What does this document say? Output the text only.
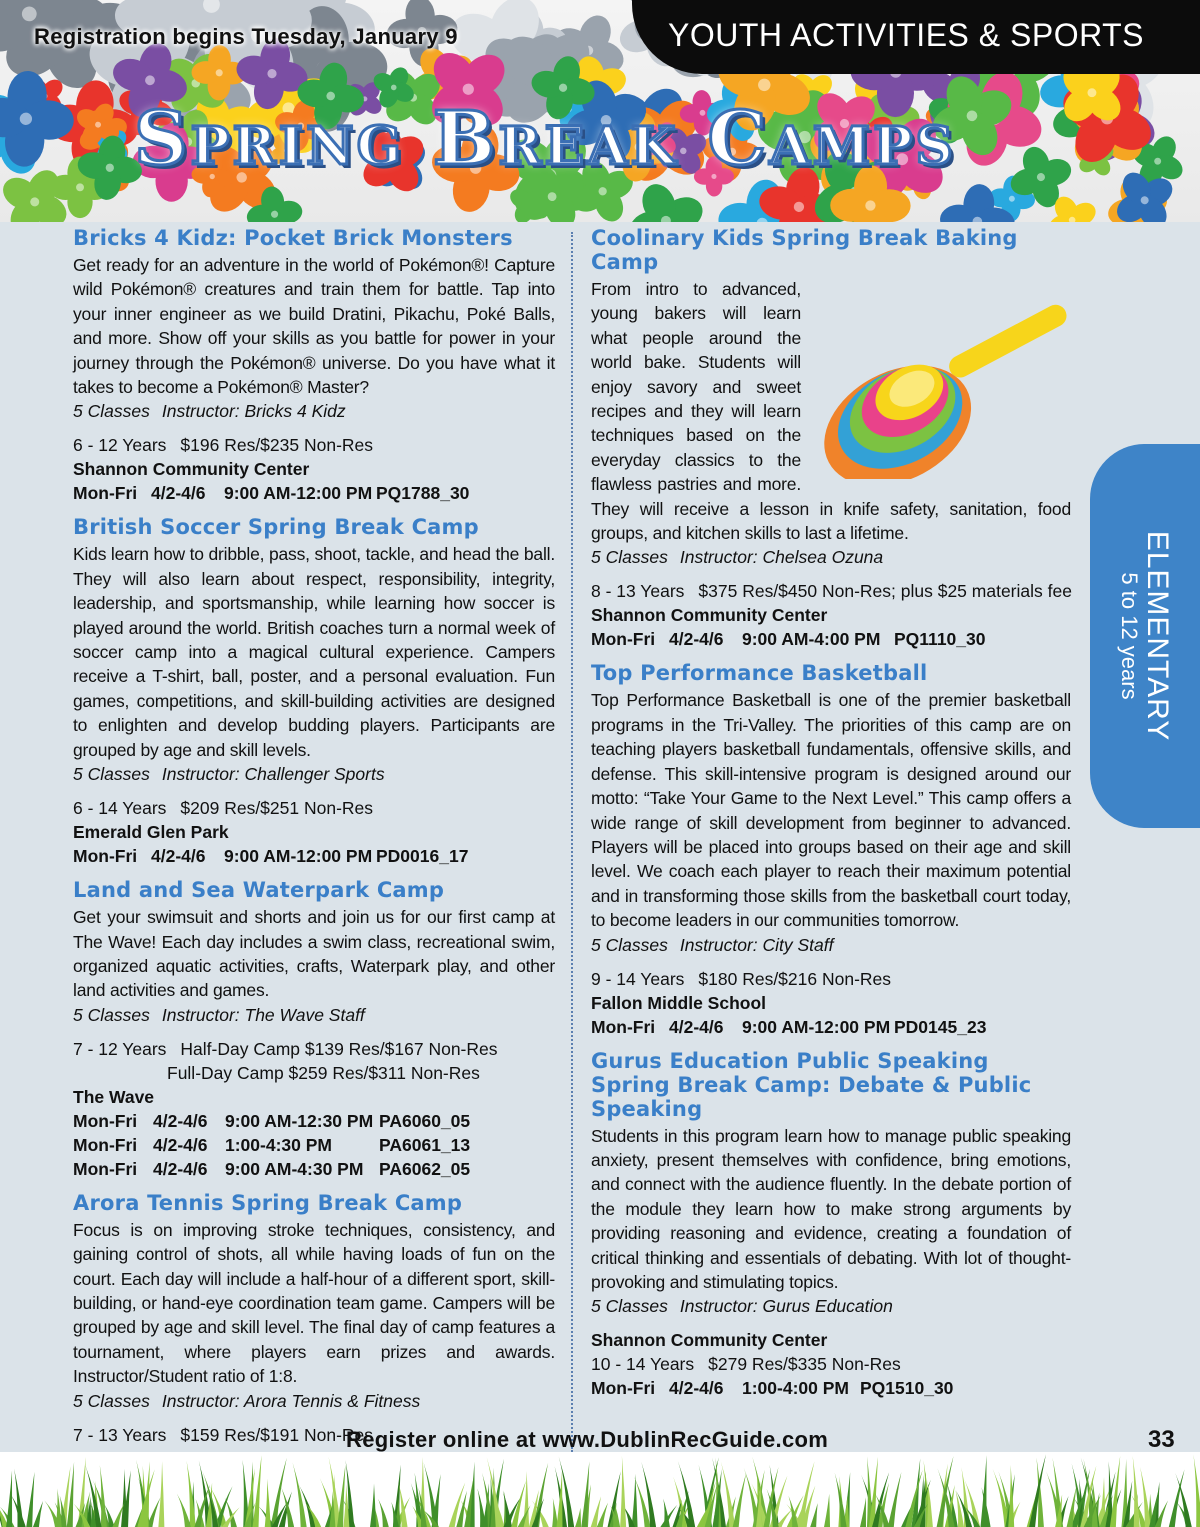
Registration begins Tuesday, January 9	YOUTH ACTIVITIES & SPORTS
Spring Break Camps
Bricks 4 Kidz: Pocket Brick Monsters
Get ready for an adventure in the world of Pokémon®! Capture wild Pokémon® creatures and train them for battle. Tap into your inner engineer as we build Dratini, Pikachu, Poké Balls, and more. Show off your skills as you battle for power in your journey through the Pokémon® universe. Do you have what it takes to become a Pokémon® Master?
5 Classes Instructor: Bricks 4 Kidz
6 - 12 Years $196 Res/$235 Non-Res
Shannon Community Center
Mon-Fri 4/2-4/6 9:00 AM-12:00 PM PQ1788_30
British Soccer Spring Break Camp
Kids learn how to dribble, pass, shoot, tackle, and head the ball. They will also learn about respect, responsibility, integrity, leadership, and sportsmanship, while learning how soccer is played around the world. British coaches turn a normal week of soccer camp into a magical cultural experience. Campers receive a T-shirt, ball, poster, and a personal evaluation. Fun games, competitions, and skill-building activities are designed to enlighten and develop budding players. Participants are grouped by age and skill levels.
5 Classes Instructor: Challenger Sports
6 - 14 Years $209 Res/$251 Non-Res
Emerald Glen Park
Mon-Fri 4/2-4/6 9:00 AM-12:00 PM PD0016_17
Land and Sea Waterpark Camp
Get your swimsuit and shorts and join us for our first camp at The Wave! Each day includes a swim class, recreational swim, organized aquatic activities, crafts, Waterpark play, and other land activities and games.
5 Classes Instructor: The Wave Staff
7 - 12 Years Half-Day Camp $139 Res/$167 Non-Res
Full-Day Camp $259 Res/$311 Non-Res
The Wave
Mon-Fri 4/2-4/6 9:00 AM-12:30 PM PA6060_05
Mon-Fri 4/2-4/6 1:00-4:30 PM	PA6061_13
Mon-Fri 4/2-4/6 9:00 AM-4:30 PM PA6062_05
Arora Tennis Spring Break Camp
Focus is on improving stroke techniques, consistency, and gaining control of shots, all while having loads of fun on the court. Each day will include a half-hour of a different sport, skill-building, or hand-eye coordination team game. Campers will be grouped by age and skill level. The final day of camp features a tournament, where players earn prizes and awards. Instructor/Student ratio of 1:8.
5 Classes Instructor: Arora Tennis & Fitness
7 - 13 Years $159 Res/$191 Non-Res
Coolinary Kids Spring Break Baking Camp
From intro to advanced, young bakers will learn what people around the world bake. Students will enjoy savory and sweet recipes and they will learn techniques based on the everyday classics to the flawless pastries and more. They will receive a lesson in knife safety, sanitation, food groups, and kitchen skills to last a lifetime.
5 Classes Instructor: Chelsea Ozuna
8 - 13 Years $375 Res/$450 Non-Res; plus $25 materials fee
Shannon Community Center
Mon-Fri 4/2-4/6 9:00 AM-4:00 PM PQ1110_30
Top Performance Basketball
Top Performance Basketball is one of the premier basketball programs in the Tri-Valley. The priorities of this camp are on teaching players basketball fundamentals, offensive skills, and defense. This skill-intensive program is designed around our motto: “Take Your Game to the Next Level.” This camp offers a wide range of skill development from beginner to advanced. Players will be placed into groups based on their age and skill level. We coach each player to reach their maximum potential and in transforming those skills from the basketball court today, to become leaders in our communities tomorrow.
5 Classes Instructor: City Staff
9 - 14 Years $180 Res/$216 Non-Res
Fallon Middle School
Mon-Fri 4/2-4/6 9:00 AM-12:00 PM PD0145_23
Gurus Education Public Speaking Spring Break Camp: Debate & Public Speaking
Students in this program learn how to manage public speaking anxiety, present themselves with confidence, bring emotions, and connect with the audience fluently. In the debate portion of the module they learn how to make strong arguments by providing reasoning and evidence, creating a foundation of critical thinking and essentials of debating. With lot of thought-provoking and stimulating topics.
5 Classes Instructor: Gurus Education
Shannon Community Center
10 - 14 Years $279 Res/$335 Non-Res
Mon-Fri 4/2-4/6 1:00-4:00 PM PQ1510_30
ELEMENTARY
5 to 12 years
Register online at www.DublinRecGuide.com	33
